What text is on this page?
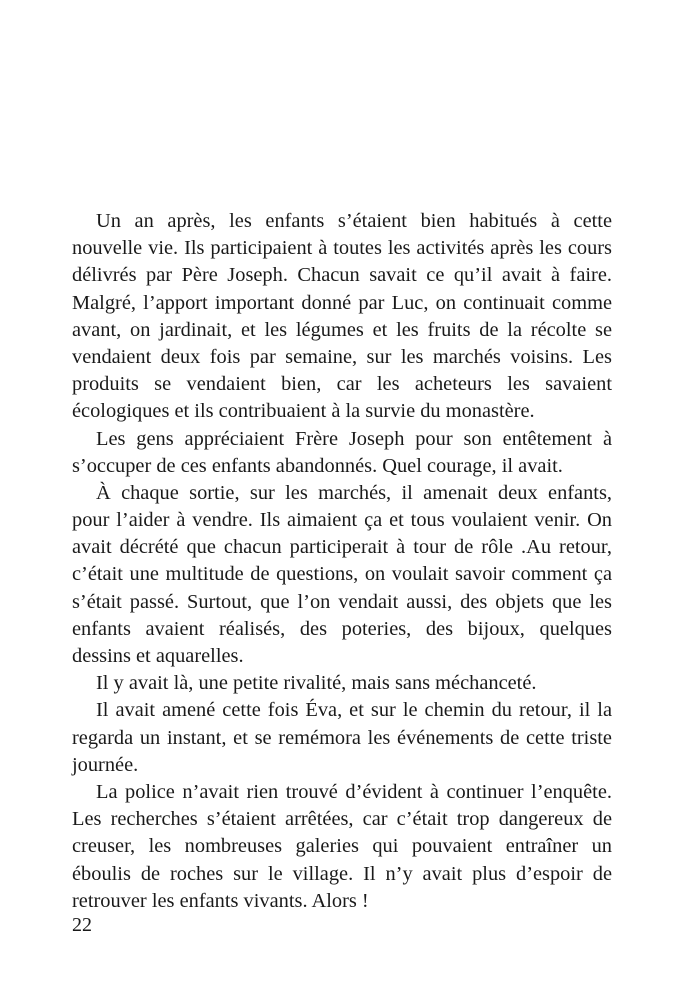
Un an après, les enfants s’étaient bien habitués à cette
nouvelle vie. Ils participaient à toutes les activités après les cours
délivrés par Père Joseph. Chacun savait ce qu’il avait à faire.
Malgré, l’apport important donné par Luc, on continuait comme
avant, on jardinait, et les légumes et les fruits de la récolte se
vendaient deux fois par semaine, sur les marchés voisins. Les
produits se vendaient bien, car les acheteurs les savaient
écologiques et ils contribuaient à la survie du monastère.
Les gens appréciaient Frère Joseph pour son entêtement à
s’occuper de ces enfants abandonnés. Quel courage, il avait.
À chaque sortie, sur les marchés, il amenait deux enfants,
pour l’aider à vendre. Ils aimaient ça et tous voulaient venir. On
avait décrété que chacun participerait à tour de rôle .Au retour,
c’était une multitude de questions, on voulait savoir comment ça
s’était passé. Surtout, que l’on vendait aussi, des objets que les
enfants avaient réalisés, des poteries, des bijoux, quelques
dessins et aquarelles.
Il y avait là, une petite rivalité, mais sans méchanceté.
Il avait amené cette fois Éva, et sur le chemin du retour, il la
regarda un instant, et se remémora les événements de cette triste
journée.
La police n’avait rien trouvé d’évident à continuer l’enquête.
Les recherches s’étaient arrêtées, car c’était trop dangereux de
creuser, les nombreuses galeries qui pouvaient entraîner un
éboulis de roches sur le village. Il n’y avait plus d’espoir de
retrouver les enfants vivants. Alors !
22
